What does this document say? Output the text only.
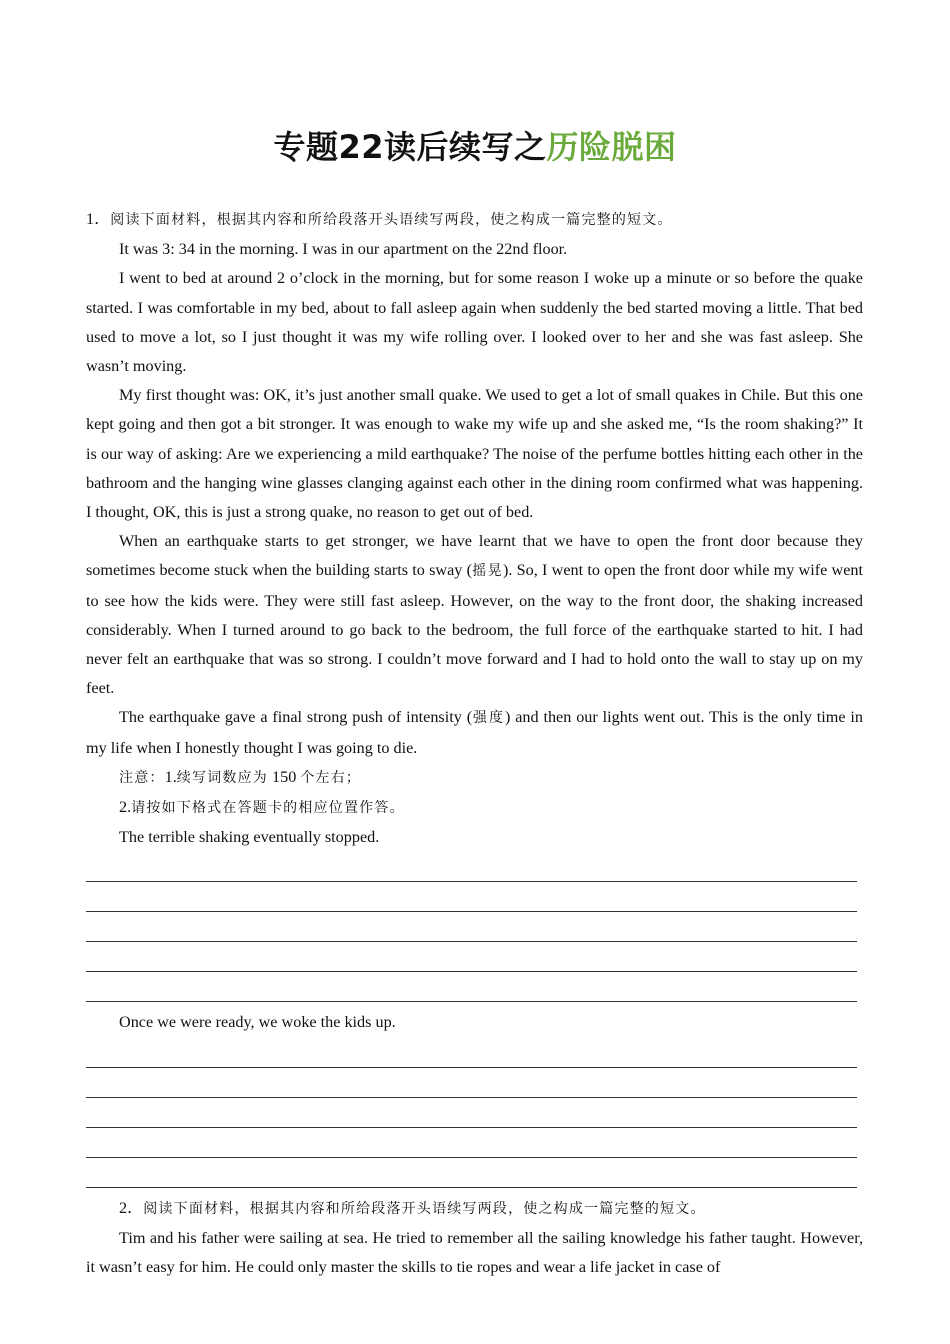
专题22读后续写之历险脱困

1．阅读下面材料，根据其内容和所给段落开头语续写两段，使之构成一篇完整的短文。

It was 3: 34 in the morning. I was in our apartment on the 22nd floor.

I went to bed at around 2 o’clock in the morning, but for some reason I woke up a minute or so before the quake started. I was comfortable in my bed, about to fall asleep again when suddenly the bed started moving a little. That bed used to move a lot, so I just thought it was my wife rolling over. I looked over to her and she was fast asleep. She wasn’t moving.

My first thought was: OK, it’s just another small quake. We used to get a lot of small quakes in Chile. But this one kept going and then got a bit stronger. It was enough to wake my wife up and she asked me, “Is the room shaking?” It is our way of asking: Are we experiencing a mild earthquake? The noise of the perfume bottles hitting each other in the bathroom and the hanging wine glasses clanging against each other in the dining room confirmed what was happening. I thought, OK, this is just a strong quake, no reason to get out of bed.

When an earthquake starts to get stronger, we have learnt that we have to open the front door because they sometimes become stuck when the building starts to sway (摇晃). So, I went to open the front door while my wife went to see how the kids were. They were still fast asleep. However, on the way to the front door, the shaking increased considerably. When I turned around to go back to the bedroom, the full force of the earthquake started to hit. I had never felt an earthquake that was so strong. I couldn’t move forward and I had to hold onto the wall to stay up on my feet.

The earthquake gave a final strong push of intensity (强度) and then our lights went out. This is the only time in my life when I honestly thought I was going to die.

注意：1.续写词数应为 150 个左右；

2.请按如下格式在答题卡的相应位置作答。

The terrible shaking eventually stopped.

Once we were ready, we woke the kids up.

2．阅读下面材料，根据其内容和所给段落开头语续写两段，使之构成一篇完整的短文。

Tim and his father were sailing at sea. He tried to remember all the sailing knowledge his father taught. However, it wasn’t easy for him. He could only master the skills to tie ropes and wear a life jacket in case of
